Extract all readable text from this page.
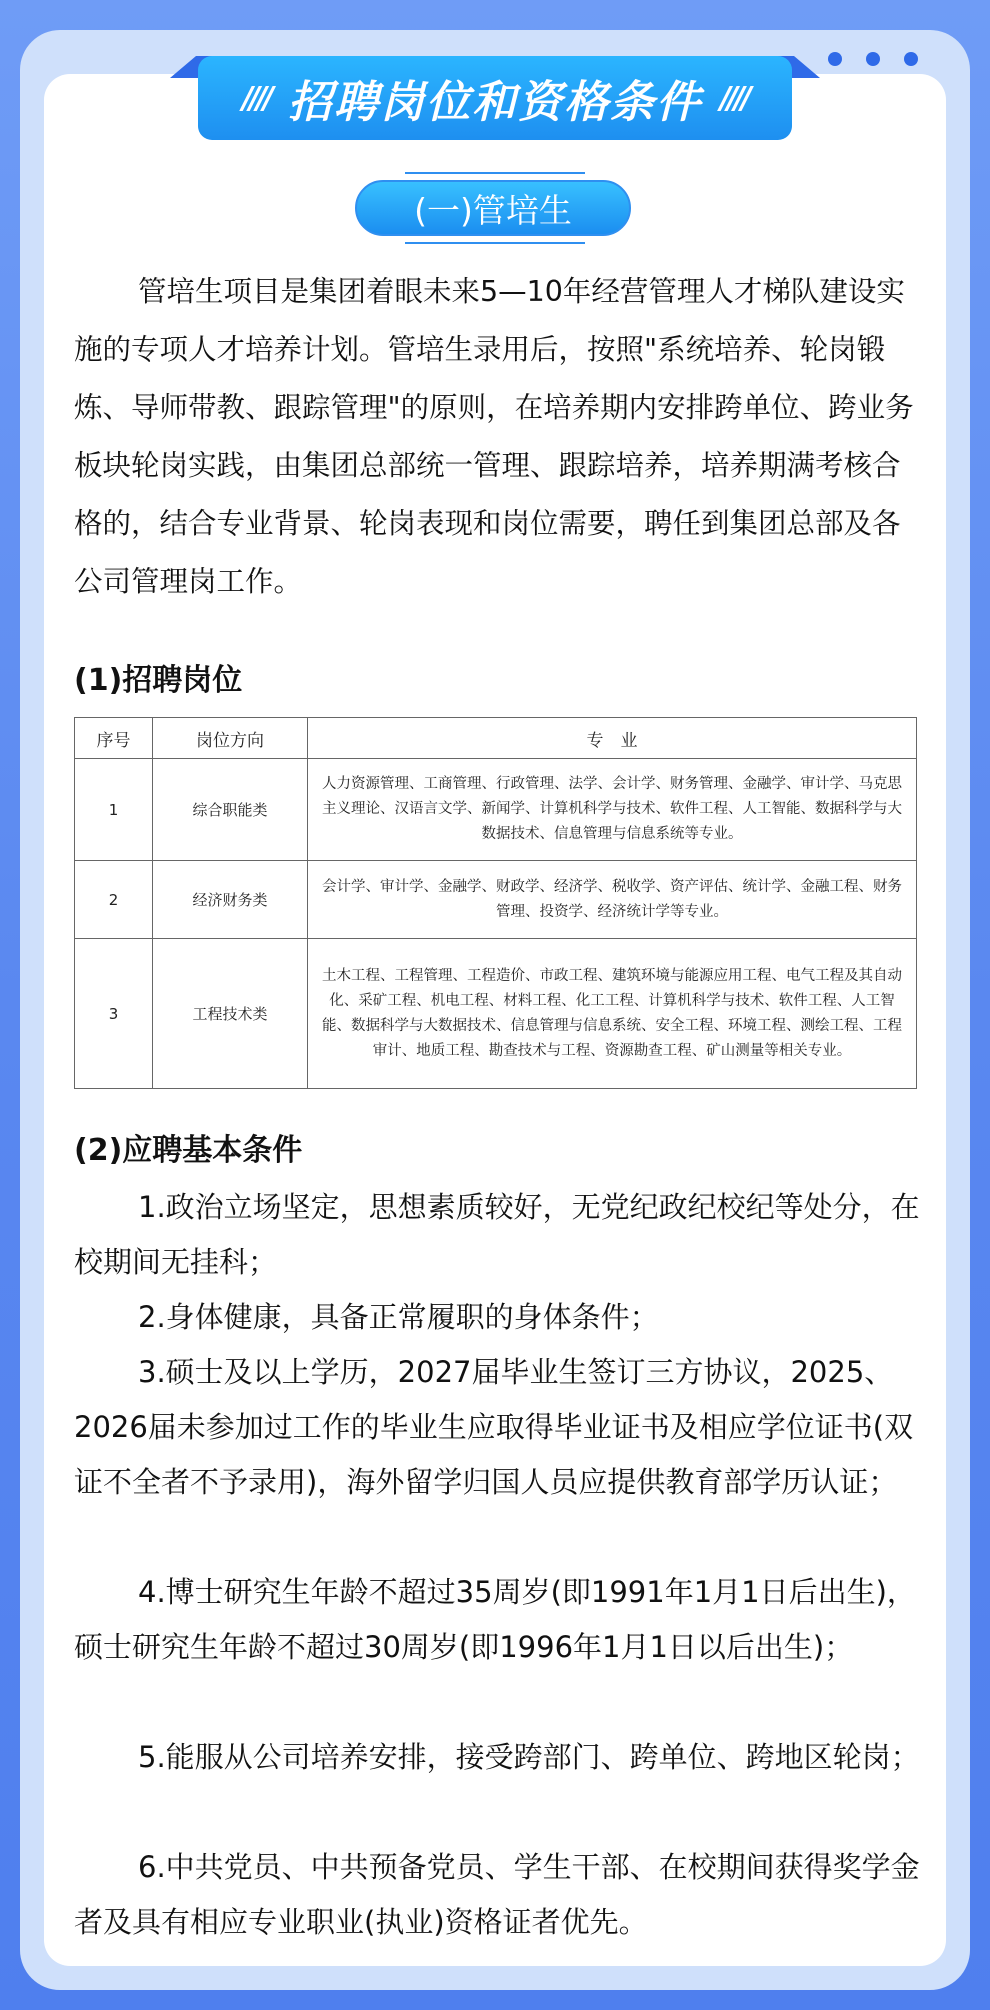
//// 招聘岗位和资格条件 ////
(一)管培生

管培生项目是集团着眼未来5—10年经营管理人才梯队建设实施的专项人才培养计划。管培生录用后，按照"系统培养、轮岗锻炼、导师带教、跟踪管理"的原则，在培养期内安排跨单位、跨业务板块轮岗实践，由集团总部统一管理、跟踪培养，培养期满考核合格的，结合专业背景、轮岗表现和岗位需要，聘任到集团总部及各公司管理岗工作。

(1)招聘岗位
序号	岗位方向	专　业
1	综合职能类	人力资源管理、工商管理、行政管理、法学、会计学、财务管理、金融学、审计学、马克思主义理论、汉语言文学、新闻学、计算机科学与技术、软件工程、人工智能、数据科学与大数据技术、信息管理与信息系统等专业。
2	经济财务类	会计学、审计学、金融学、财政学、经济学、税收学、资产评估、统计学、金融工程、财务管理、投资学、经济统计学等专业。
3	工程技术类	土木工程、工程管理、工程造价、市政工程、建筑环境与能源应用工程、电气工程及其自动化、采矿工程、机电工程、材料工程、化工工程、计算机科学与技术、软件工程、人工智能、数据科学与大数据技术、信息管理与信息系统、安全工程、环境工程、测绘工程、工程审计、地质工程、勘查技术与工程、资源勘查工程、矿山测量等相关专业。
(2)应聘基本条件

1.政治立场坚定，思想素质较好，无党纪政纪校纪等处分，在校期间无挂科；

2.身体健康，具备正常履职的身体条件；

3.硕士及以上学历，2027届毕业生签订三方协议，2025、2026届未参加过工作的毕业生应取得毕业证书及相应学位证书(双证不全者不予录用)，海外留学归国人员应提供教育部学历认证；

4.博士研究生年龄不超过35周岁(即1991年1月1日后出生)，硕士研究生年龄不超过30周岁(即1996年1月1日以后出生)；

5.能服从公司培养安排，接受跨部门、跨单位、跨地区轮岗；

6.中共党员、中共预备党员、学生干部、在校期间获得奖学金者及具有相应专业职业(执业)资格证者优先。
